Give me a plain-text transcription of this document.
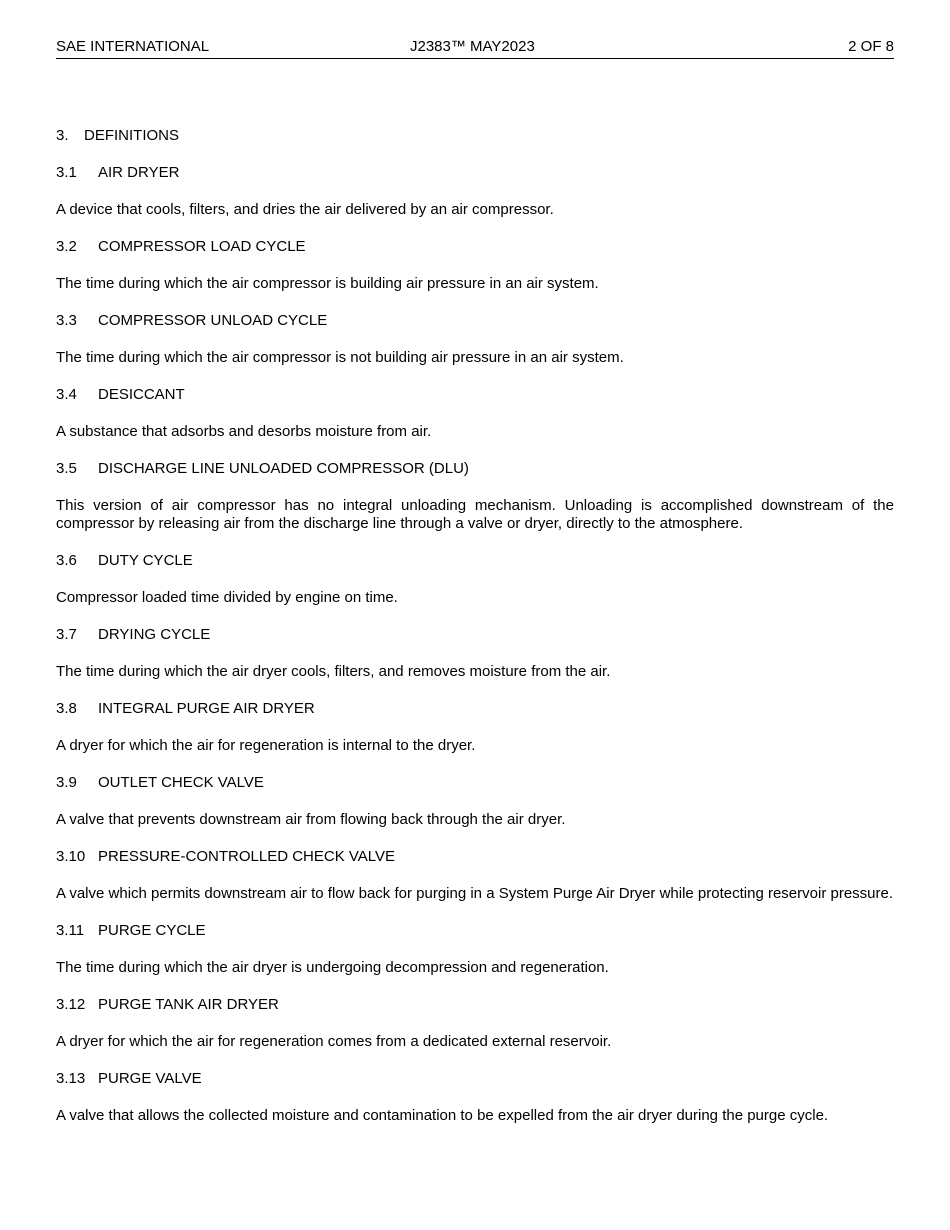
SAE INTERNATIONAL	J2383™ MAY2023	2 OF 8

3. DEFINITIONS

3.1 AIR DRYER

A device that cools, filters, and dries the air delivered by an air compressor.

3.2 COMPRESSOR LOAD CYCLE

The time during which the air compressor is building air pressure in an air system.

3.3 COMPRESSOR UNLOAD CYCLE

The time during which the air compressor is not building air pressure in an air system.

3.4 DESICCANT

A substance that adsorbs and desorbs moisture from air.

3.5 DISCHARGE LINE UNLOADED COMPRESSOR (DLU)

This version of air compressor has no integral unloading mechanism. Unloading is accomplished downstream of the compressor by releasing air from the discharge line through a valve or dryer, directly to the atmosphere.

3.6 DUTY CYCLE

Compressor loaded time divided by engine on time.

3.7 DRYING CYCLE

The time during which the air dryer cools, filters, and removes moisture from the air.

3.8 INTEGRAL PURGE AIR DRYER

A dryer for which the air for regeneration is internal to the dryer.

3.9 OUTLET CHECK VALVE

A valve that prevents downstream air from flowing back through the air dryer.

3.10 PRESSURE-CONTROLLED CHECK VALVE

A valve which permits downstream air to flow back for purging in a System Purge Air Dryer while protecting reservoir pressure.

3.11 PURGE CYCLE

The time during which the air dryer is undergoing decompression and regeneration.

3.12 PURGE TANK AIR DRYER

A dryer for which the air for regeneration comes from a dedicated external reservoir.

3.13 PURGE VALVE

A valve that allows the collected moisture and contamination to be expelled from the air dryer during the purge cycle.
